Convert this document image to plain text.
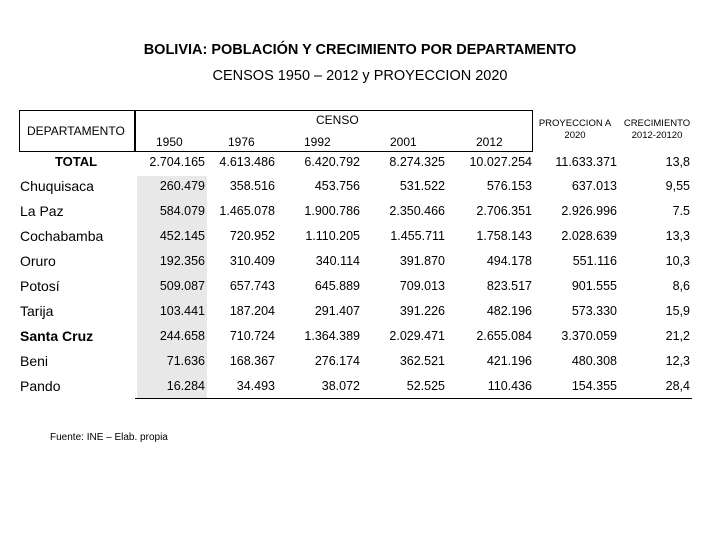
BOLIVIA: POBLACIÓN Y CRECIMIENTO POR DEPARTAMENTO
CENSOS 1950 – 2012 y PROYECCION 2020
DEPARTAMENTO
CENSO
1950	1976	1992	2001	2012
PROYECCION A 2020
CRECIMIENTO 2012-20120
TOTAL	2.704.165	4.613.486	6.420.792	8.274.325	10.027.254	11.633.371	13,8
Chuquisaca	260.479	358.516	453.756	531.522	576.153	637.013	9,55
La Paz	584.079	1.465.078	1.900.786	2.350.466	2.706.351	2.926.996	7.5
Cochabamba	452.145	720.952	1.110.205	1.455.711	1.758.143	2.028.639	13,3
Oruro	192.356	310.409	340.114	391.870	494.178	551.116	10,3
Potosí	509.087	657.743	645.889	709.013	823.517	901.555	8,6
Tarija	103.441	187.204	291.407	391.226	482.196	573.330	15,9
Santa Cruz	244.658	710.724	1.364.389	2.029.471	2.655.084	3.370.059	21,2
Beni	71.636	168.367	276.174	362.521	421.196	480.308	12,3
Pando	16.284	34.493	38.072	52.525	110.436	154.355	28,4
Fuente: INE – Elab. propia
